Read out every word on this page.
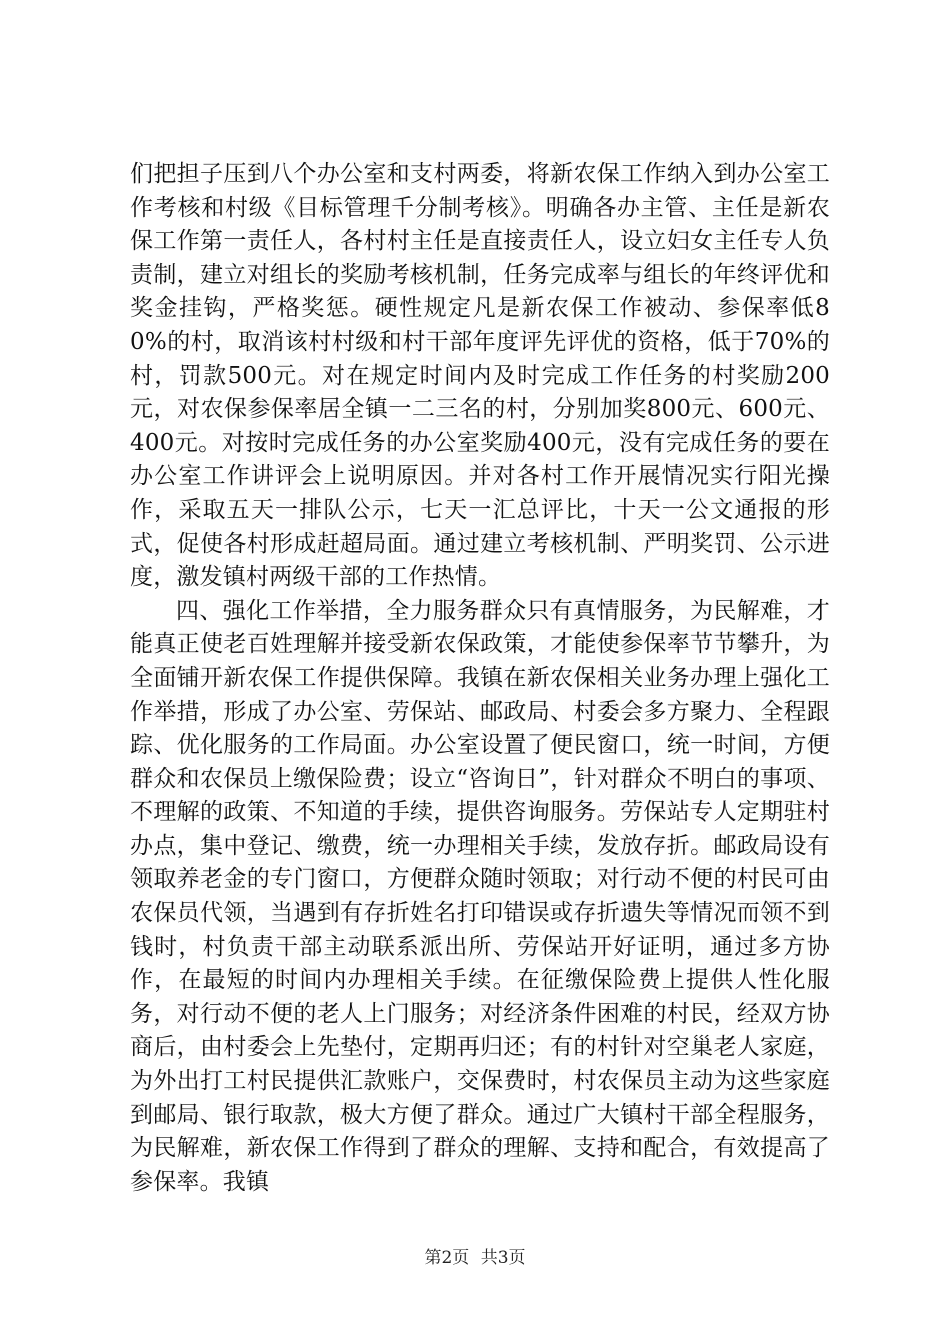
们把担子压到八个办公室和支村两委，将新农保工作纳入到办公室工作考核和村级《目标管理千分制考核》。明确各办主管、主任是新农保工作第一责任人，各村村主任是直接责任人，设立妇女主任专人负责制，建立对组长的奖励考核机制，任务完成率与组长的年终评优和奖金挂钩，严格奖惩。硬性规定凡是新农保工作被动、参保率低80%的村，取消该村村级和村干部年度评先评优的资格，低于70%的村，罚款500元。对在规定时间内及时完成工作任务的村奖励200元，对农保参保率居全镇一二三名的村，分别加奖800元、600元、400元。对按时完成任务的办公室奖励400元，没有完成任务的要在办公室工作讲评会上说明原因。并对各村工作开展情况实行阳光操作，采取五天一排队公示，七天一汇总评比，十天一公文通报的形式，促使各村形成赶超局面。通过建立考核机制、严明奖罚、公示进度，激发镇村两级干部的工作热情。

四、强化工作举措，全力服务群众只有真情服务，为民解难，才能真正使老百姓理解并接受新农保政策，才能使参保率节节攀升，为全面铺开新农保工作提供保障。我镇在新农保相关业务办理上强化工作举措，形成了办公室、劳保站、邮政局、村委会多方聚力、全程跟踪、优化服务的工作局面。办公室设置了便民窗口，统一时间，方便群众和农保员上缴保险费；设立“咨询日”，针对群众不明白的事项、不理解的政策、不知道的手续，提供咨询服务。劳保站专人定期驻村办点，集中登记、缴费，统一办理相关手续，发放存折。邮政局设有领取养老金的专门窗口，方便群众随时领取；对行动不便的村民可由农保员代领，当遇到有存折姓名打印错误或存折遗失等情况而领不到钱时，村负责干部主动联系派出所、劳保站开好证明，通过多方协作，在最短的时间内办理相关手续。在征缴保险费上提供人性化服务，对行动不便的老人上门服务；对经济条件困难的村民，经双方协商后，由村委会上先垫付，定期再归还；有的村针对空巢老人家庭，为外出打工村民提供汇款账户，交保费时，村农保员主动为这些家庭到邮局、银行取款，极大方便了群众。通过广大镇村干部全程服务，为民解难，新农保工作得到了群众的理解、支持和配合，有效提高了参保率。我镇

第2页 共3页
